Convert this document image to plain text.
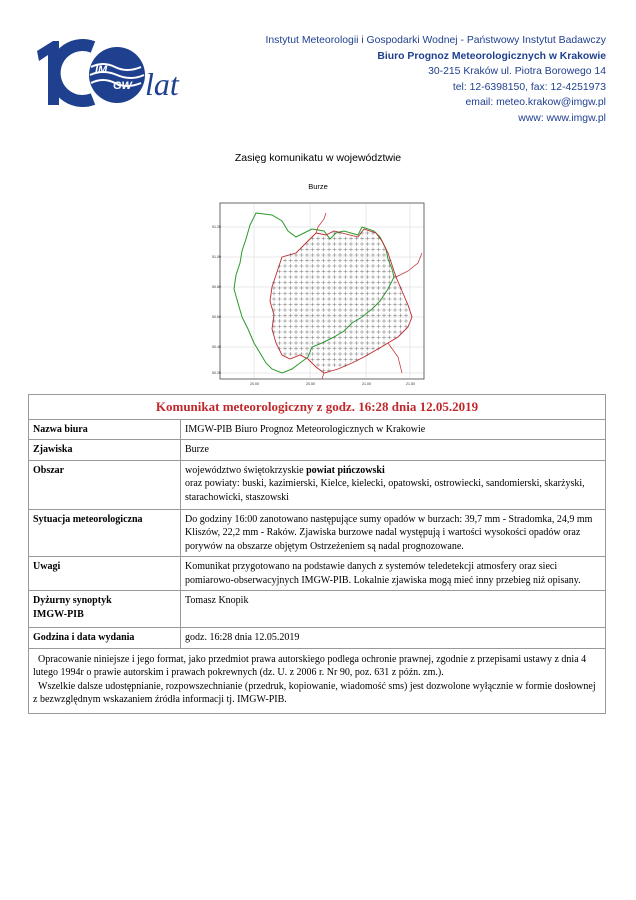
IM
GW lat
Instytut Meteorologii i Gospodarki Wodnej - Państwowy Instytut Badawczy
Biuro Prognoz Meteorologicznych w Krakowie
30-215 Kraków ul. Piotra Borowego 14
tel: 12-6398150, fax: 12-4251973
email: meteo.krakow@imgw.pl
www: www.imgw.pl
Zasięg komunikatu w województwie
Burze
51.20
51.00
50.80
50.60
50.40
50.20
20.00	20.50	21.00	21.50
Komunikat meteorologiczny z godz. 16:28 dnia 12.05.2019	
Nazwa biura	IMGW-PIB Biuro Prognoz Meteorologicznych w Krakowie
Zjawiska	Burze
Obszar	województwo świętokrzyskie powiat pińczowski
oraz powiaty: buski, kazimierski, Kielce, kielecki, opatowski, ostrowiecki, sandomierski, skarżyski, starachowicki, staszowski
Sytuacja meteorologiczna	Do godziny 16:00 zanotowano następujące sumy opadów w burzach: 39,7 mm - Stradomka, 24,9 mm Kliszów, 22,2 mm - Raków. Zjawiska burzowe nadal występują i wartości wysokości opadów oraz porywów na obszarze objętym Ostrzeżeniem są nadal prognozowane.
Uwagi	Komunikat przygotowano na podstawie danych z systemów teledetekcji atmosfery oraz sieci pomiarowo-obserwacyjnych IMGW-PIB. Lokalnie zjawiska mogą mieć inny przebieg niż opisany.
Dyżurny synoptyk
IMGW-PIB	Tomasz Knopik
Godzina i data wydania	godz. 16:28 dnia 12.05.2019
Opracowanie niniejsze i jego format, jako przedmiot prawa autorskiego podlega ochronie prawnej, zgodnie z przepisami ustawy z dnia 4 lutego 1994r o prawie autorskim i prawach pokrewnych (dz. U. z 2006 r. Nr 90, poz. 631 z późn. zm.).
Wszelkie dalsze udostępnianie, rozpowszechnianie (przedruk, kopiowanie, wiadomość sms) jest dozwolone wyłącznie w formie dosłownej z bezwzględnym wskazaniem źródła informacji tj. IMGW-PIB.	
